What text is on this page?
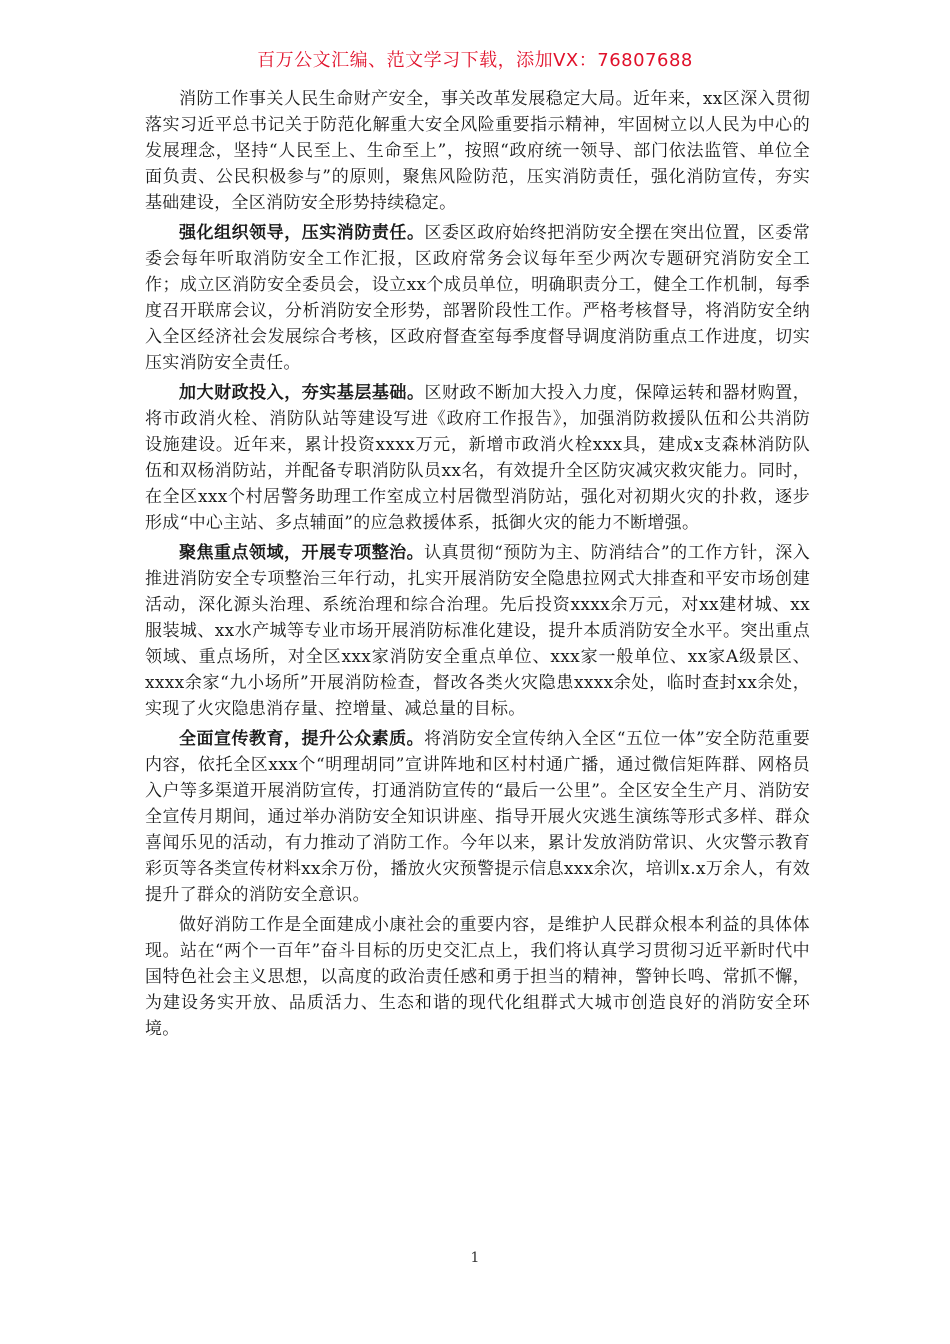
百万公文汇编、范文学习下载，添加VX：76807688

消防工作事关人民生命财产安全，事关改革发展稳定大局。近年来，xx区深入贯彻落实习近平总书记关于防范化解重大安全风险重要指示精神，牢固树立以人民为中心的发展理念，坚持“人民至上、生命至上”，按照“政府统一领导、部门依法监管、单位全面负责、公民积极参与”的原则，聚焦风险防范，压实消防责任，强化消防宣传，夯实基础建设，全区消防安全形势持续稳定。

强化组织领导，压实消防责任。区委区政府始终把消防安全摆在突出位置，区委常委会每年听取消防安全工作汇报，区政府常务会议每年至少两次专题研究消防安全工作；成立区消防安全委员会，设立xx个成员单位，明确职责分工，健全工作机制，每季度召开联席会议，分析消防安全形势，部署阶段性工作。严格考核督导，将消防安全纳入全区经济社会发展综合考核，区政府督查室每季度督导调度消防重点工作进度，切实压实消防安全责任。

加大财政投入，夯实基层基础。区财政不断加大投入力度，保障运转和器材购置，将市政消火栓、消防队站等建设写进《政府工作报告》，加强消防救援队伍和公共消防设施建设。近年来，累计投资xxxx万元，新增市政消火栓xxx具，建成x支森林消防队伍和双杨消防站，并配备专职消防队员xx名，有效提升全区防灾减灾救灾能力。同时，在全区xxx个村居警务助理工作室成立村居微型消防站，强化对初期火灾的扑救，逐步形成“中心主站、多点辅面”的应急救援体系，抵御火灾的能力不断增强。

聚焦重点领域，开展专项整治。认真贯彻“预防为主、防消结合”的工作方针，深入推进消防安全专项整治三年行动，扎实开展消防安全隐患拉网式大排查和平安市场创建活动，深化源头治理、系统治理和综合治理。先后投资xxxx余万元，对xx建材城、xx服装城、xx水产城等专业市场开展消防标准化建设，提升本质消防安全水平。突出重点领域、重点场所，对全区xxx家消防安全重点单位、xxx家一般单位、xx家A级景区、xxxx余家“九小场所”开展消防检查，督改各类火灾隐患xxxx余处，临时查封xx余处，实现了火灾隐患消存量、控增量、减总量的目标。

全面宣传教育，提升公众素质。将消防安全宣传纳入全区“五位一体”安全防范重要内容，依托全区xxx个“明理胡同”宣讲阵地和区村村通广播，通过微信矩阵群、网格员入户等多渠道开展消防宣传，打通消防宣传的“最后一公里”。全区安全生产月、消防安全宣传月期间，通过举办消防安全知识讲座、指导开展火灾逃生演练等形式多样、群众喜闻乐见的活动，有力推动了消防工作。今年以来，累计发放消防常识、火灾警示教育彩页等各类宣传材料xx余万份，播放火灾预警提示信息xxx余次，培训x.x万余人，有效提升了群众的消防安全意识。

做好消防工作是全面建成小康社会的重要内容，是维护人民群众根本利益的具体体现。站在“两个一百年”奋斗目标的历史交汇点上，我们将认真学习贯彻习近平新时代中国特色社会主义思想，以高度的政治责任感和勇于担当的精神，警钟长鸣、常抓不懈，为建设务实开放、品质活力、生态和谐的现代化组群式大城市创造良好的消防安全环境。

1
